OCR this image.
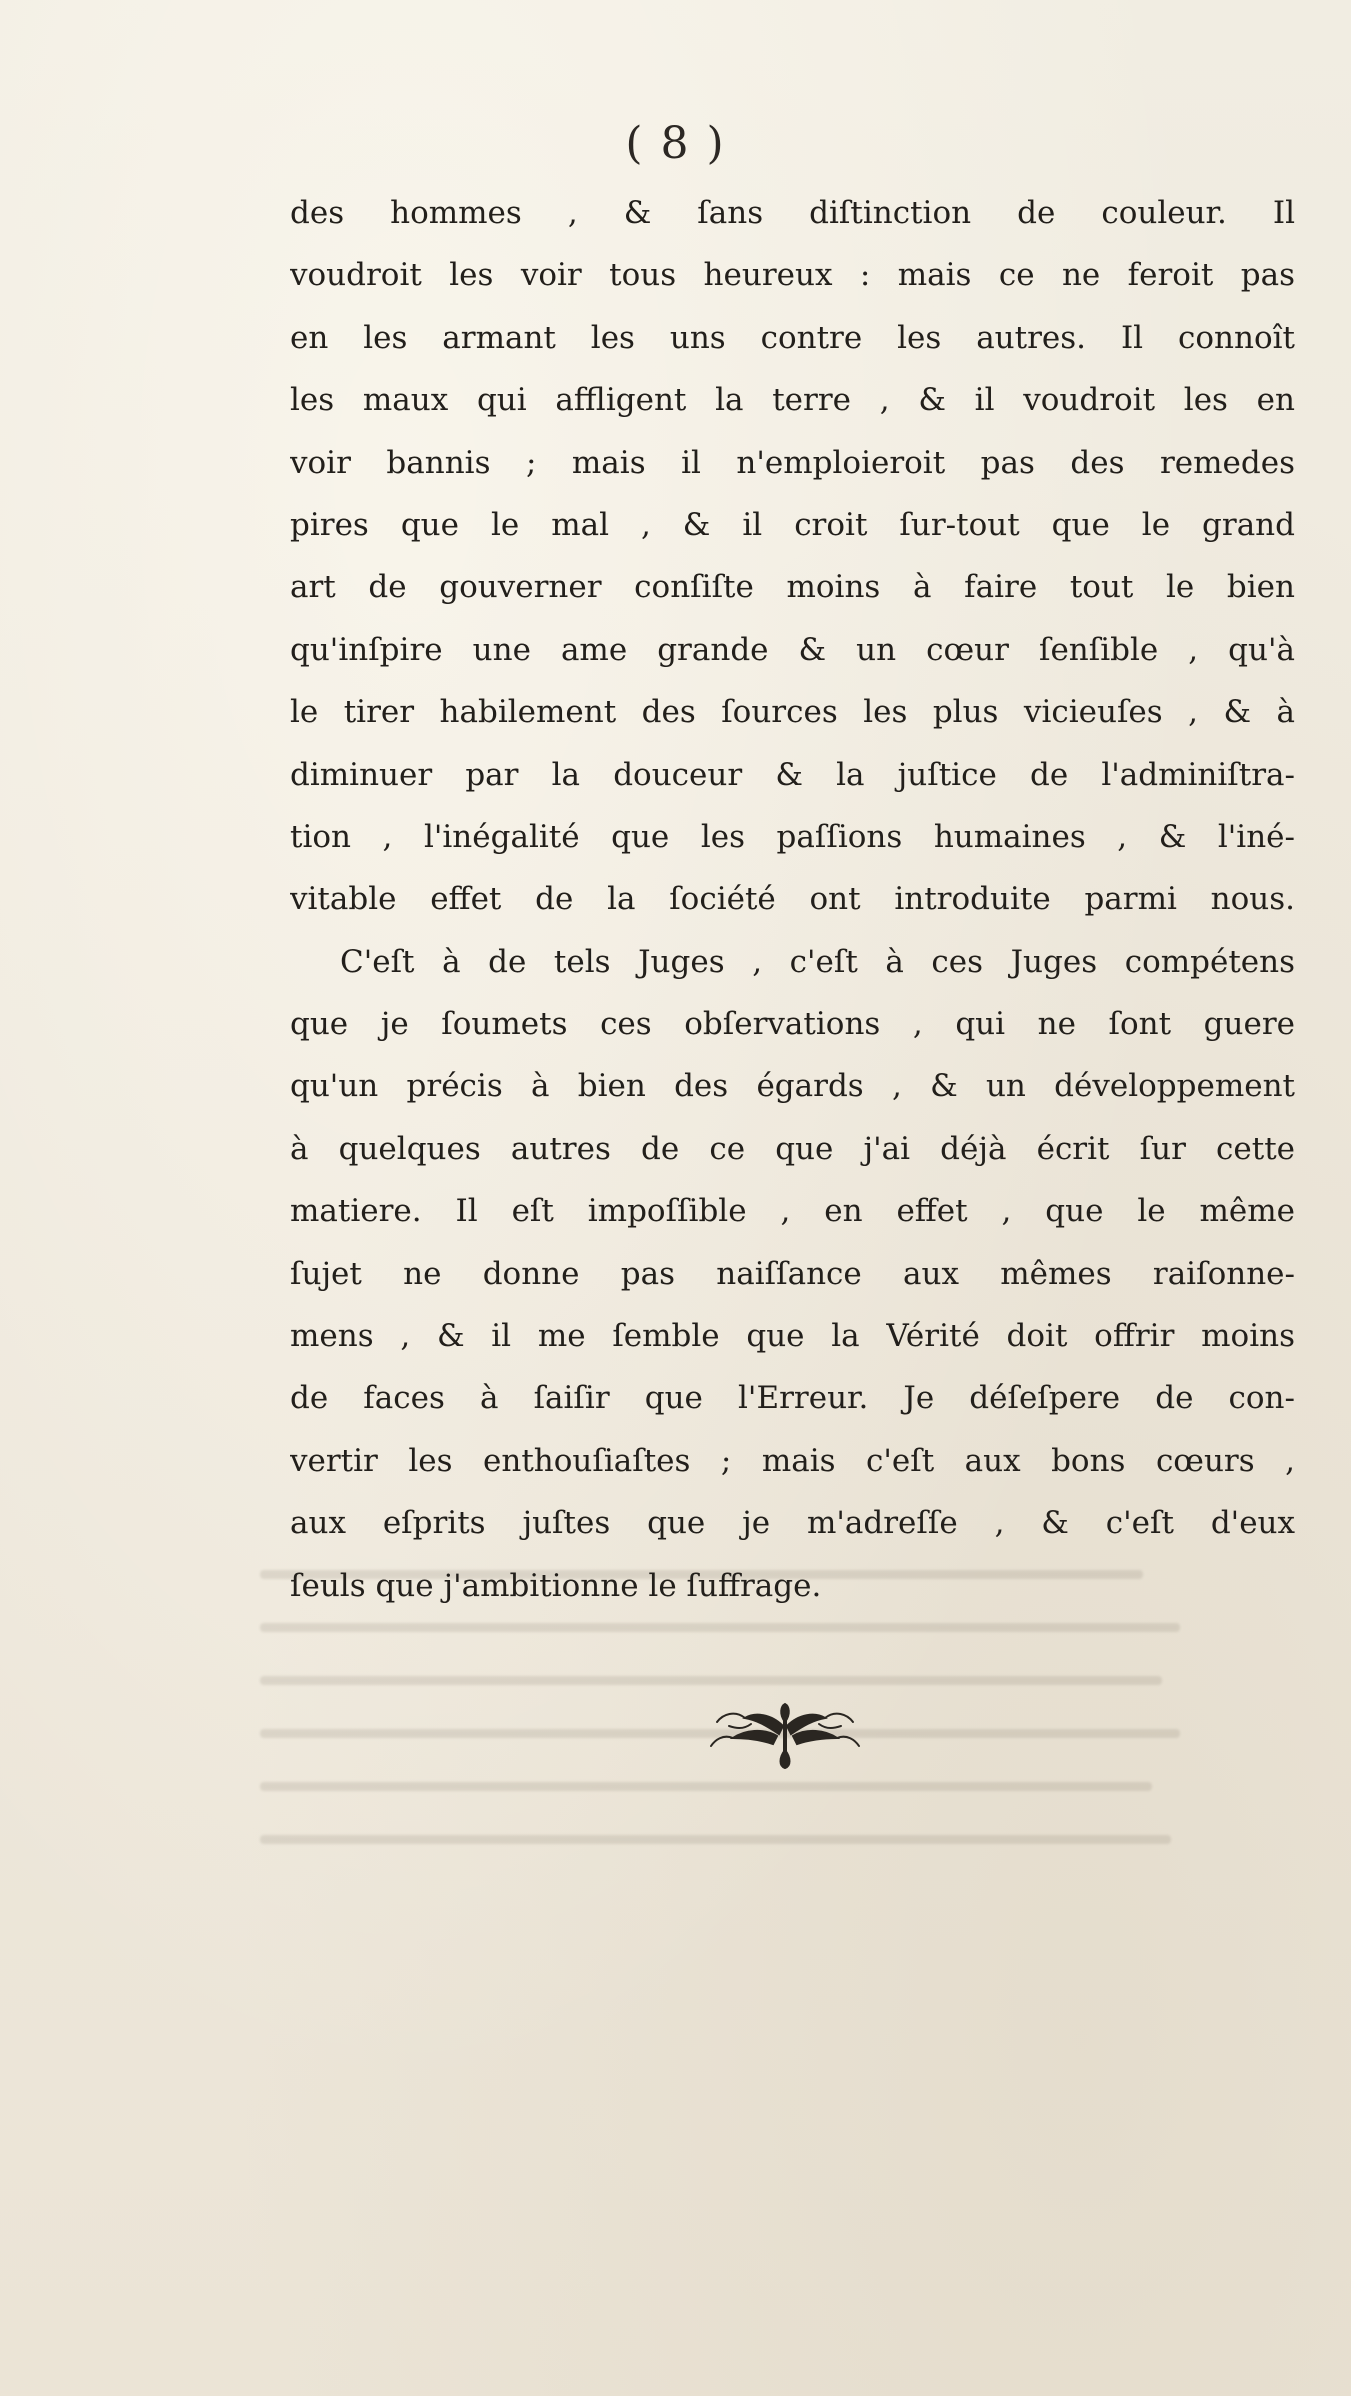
( 8 )
des hommes , & ſans diſtinction de couleur. Il
voudroit les voir tous heureux : mais ce ne feroit pas
en les armant les uns contre les autres. Il connoît
les maux qui affligent la terre , & il voudroit les en
voir bannis ; mais il n'emploieroit pas des remedes
pires que le mal , & il croit ſur-tout que le grand
art de gouverner conſiſte moins à faire tout le bien
qu'inſpire une ame grande & un cœur ſenſible , qu'à
le tirer habilement des ſources les plus vicieuſes , & à
diminuer par la douceur & la juſtice de l'adminiſtra-
tion , l'inégalité que les paſſions humaines , & l'iné-
vitable effet de la ſociété ont introduite parmi nous.
C'eſt à de tels Juges , c'eſt à ces Juges compétens
que je ſoumets ces obſervations , qui ne ſont guere
qu'un précis à bien des égards , & un développement
à quelques autres de ce que j'ai déjà écrit ſur cette
matiere. Il eſt impoſſible , en effet , que le même
ſujet ne donne pas naiſſance aux mêmes raiſonne-
mens , & il me ſemble que la Vérité doit offrir moins
de faces à ſaiſir que l'Erreur. Je déſeſpere de con-
vertir les enthouſiaſtes ; mais c'eſt aux bons cœurs ,
aux eſprits juſtes que je m'adreſſe , & c'eſt d'eux
ſeuls que j'ambitionne le ſuffrage.
